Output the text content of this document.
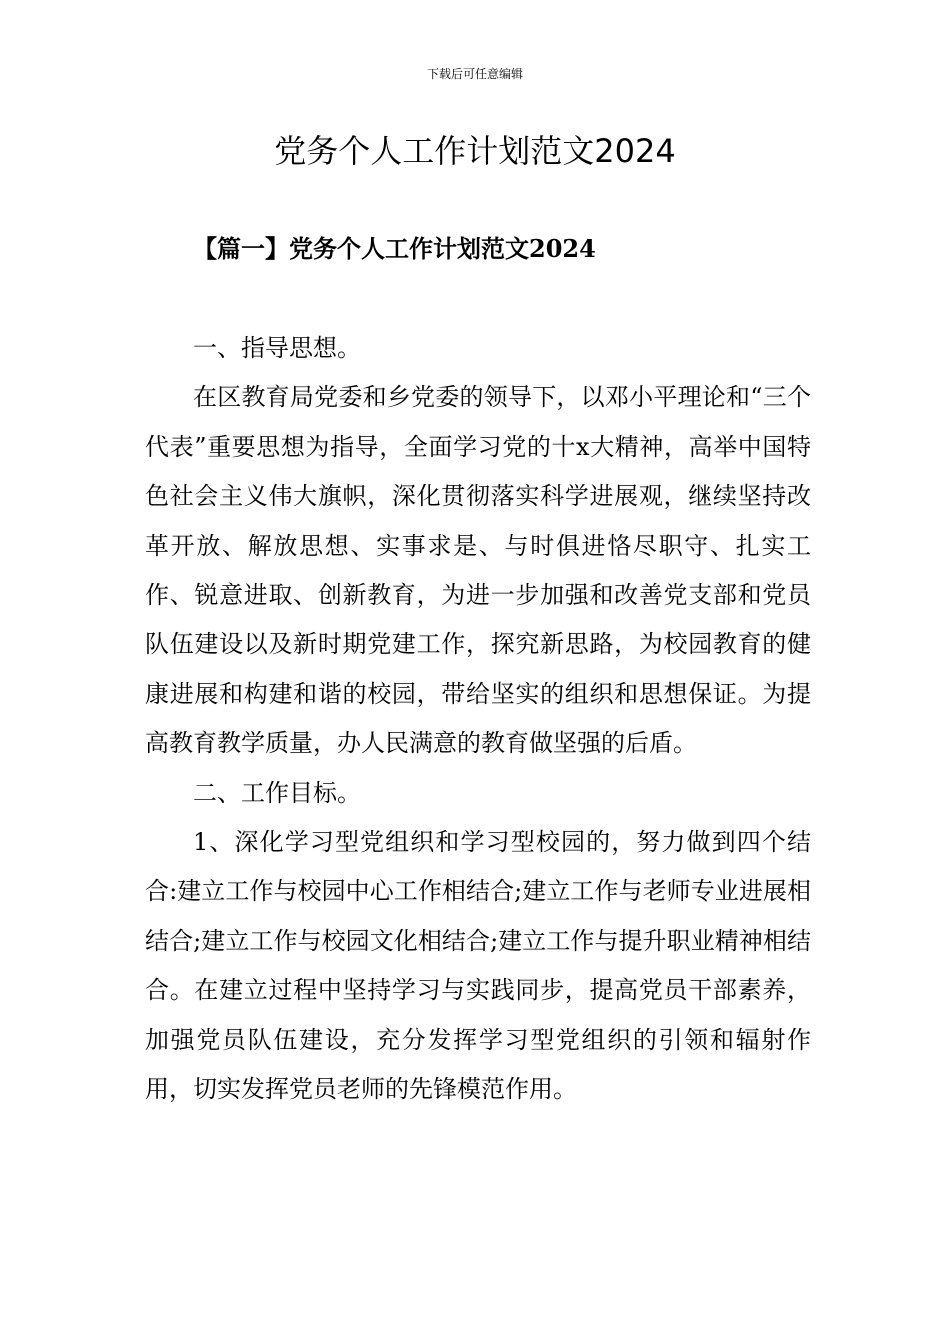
下载后可任意编辑
党务个人工作计划范文2024
【篇一】党务个人工作计划范文2024

一、指导思想。

在区教育局党委和乡党委的领导下，以邓小平理论和“三个代表”重要思想为指导，全面学习党的十x大精神，高举中国特色社会主义伟大旗帜，深化贯彻落实科学进展观，继续坚持改革开放、解放思想、实事求是、与时俱进恪尽职守、扎实工作、锐意进取、创新教育，为进一步加强和改善党支部和党员队伍建设以及新时期党建工作，探究新思路，为校园教育的健康进展和构建和谐的校园，带给坚实的组织和思想保证。为提高教育教学质量，办人民满意的教育做坚强的后盾。

二、工作目标。

1、深化学习型党组织和学习型校园的，努力做到四个结合:建立工作与校园中心工作相结合;建立工作与老师专业进展相结合;建立工作与校园文化相结合;建立工作与提升职业精神相结合。在建立过程中坚持学习与实践同步，提高党员干部素养，加强党员队伍建设，充分发挥学习型党组织的引领和辐射作用，切实发挥党员老师的先锋模范作用。
